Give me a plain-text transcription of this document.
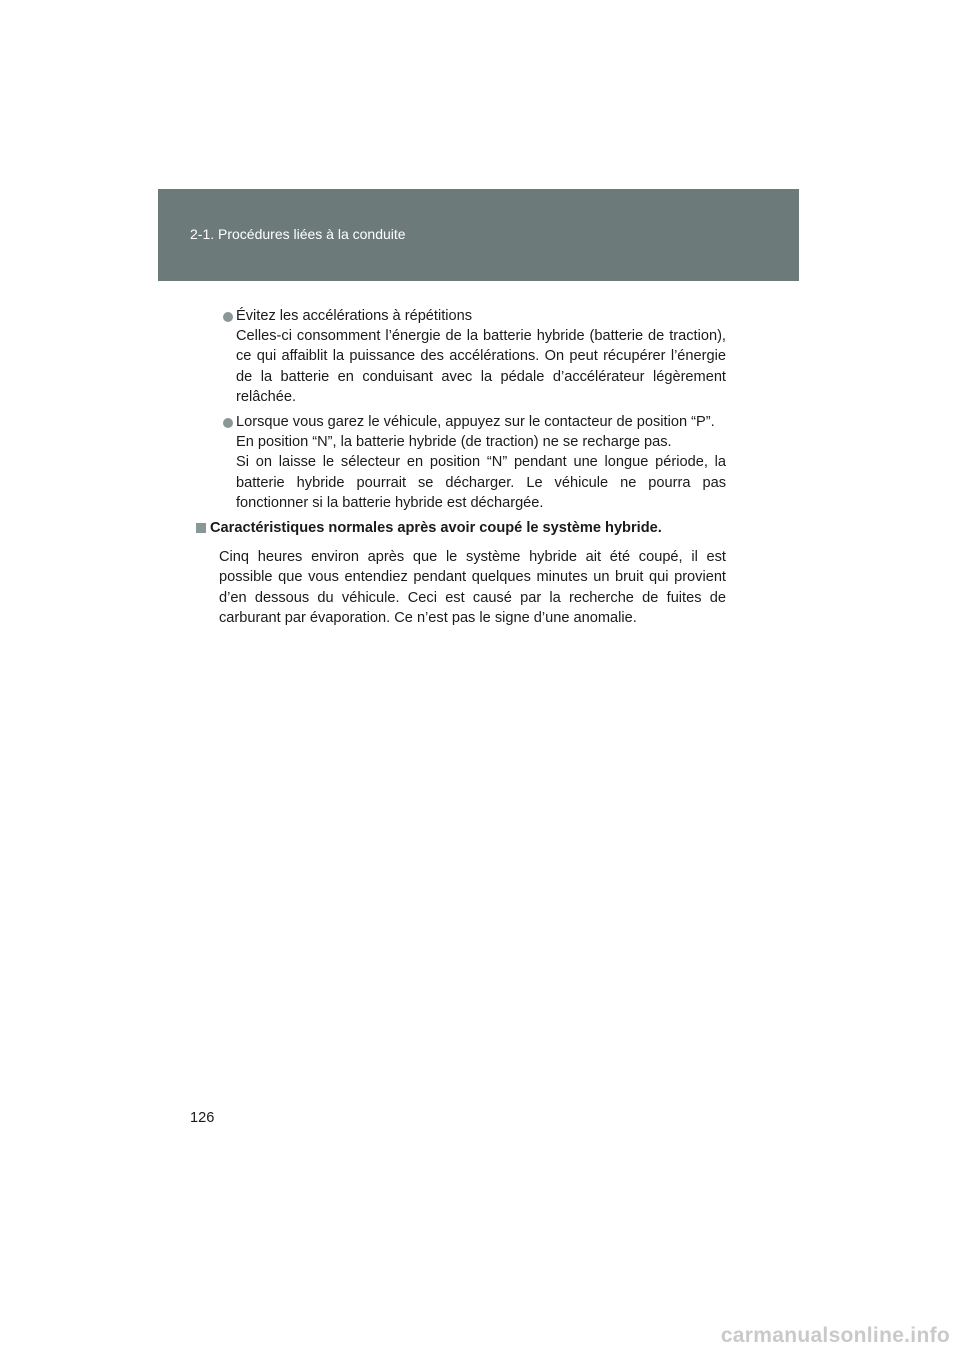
2-1. Procédures liées à la conduite
Évitez les accélérations à répétitions
Celles-ci consomment l’énergie de la batterie hybride (batterie de traction), ce qui affaiblit la puissance des accélérations. On peut récupérer l’énergie de la batterie en conduisant avec la pédale d’accélérateur légèrement relâchée.
Lorsque vous garez le véhicule, appuyez sur le contacteur de position “P”.
En position “N”, la batterie hybride (de traction) ne se recharge pas.
Si on laisse le sélecteur en position “N” pendant une longue période, la batterie hybride pourrait se décharger. Le véhicule ne pourra pas fonctionner si la batterie hybride est déchargée.
Caractéristiques normales après avoir coupé le système hybride.
Cinq heures environ après que le système hybride ait été coupé, il est possible que vous entendiez pendant quelques minutes un bruit qui provient d’en dessous du véhicule. Ceci est causé par la recherche de fuites de carburant par évaporation. Ce n’est pas le signe d’une anomalie.
126
carmanualsonline.info
